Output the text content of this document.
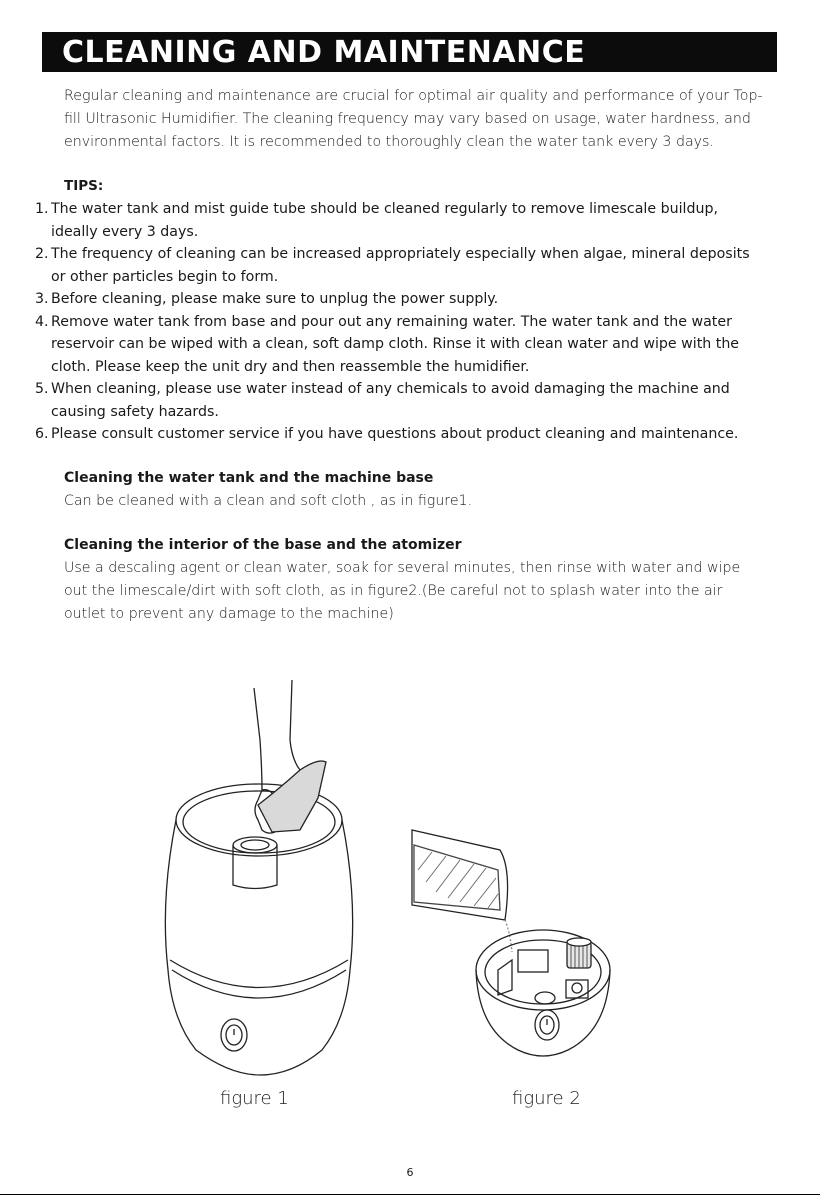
CLEANING AND MAINTENANCE

Regular cleaning and maintenance are crucial for optimal air quality and performance of your Top-fill Ultrasonic Humidifier. The cleaning frequency may vary based on usage, water hardness, and environmental factors. It is recommended to thoroughly clean the water tank every 3 days.

TIPS:
1. The water tank and mist guide tube should be cleaned regularly to remove limescale buildup, ideally every 3 days.
2. The frequency of cleaning can be increased appropriately especially when algae, mineral deposits or other particles begin to form.
3. Before cleaning, please make sure to unplug the power supply.
4. Remove water tank from base and pour out any remaining water. The water tank and the water reservoir can be wiped with a clean, soft damp cloth. Rinse it with clean water and wipe with the cloth. Please keep the unit dry and then reassemble the humidifier.
5. When cleaning, please use water instead of any chemicals to avoid damaging the machine and causing safety hazards.
6. Please consult customer service if you have questions about product cleaning and maintenance.
Cleaning the water tank and the machine base

Can be cleaned with a clean and soft cloth , as in figure1.

Cleaning the interior of the base and the atomizer

Use a descaling agent or clean water, soak for several minutes, then rinse with water and wipe out the limescale/dirt with soft cloth, as in figure2.(Be careful not to splash water into the air outlet to prevent any damage to the machine)

figure 1	figure 2
6
